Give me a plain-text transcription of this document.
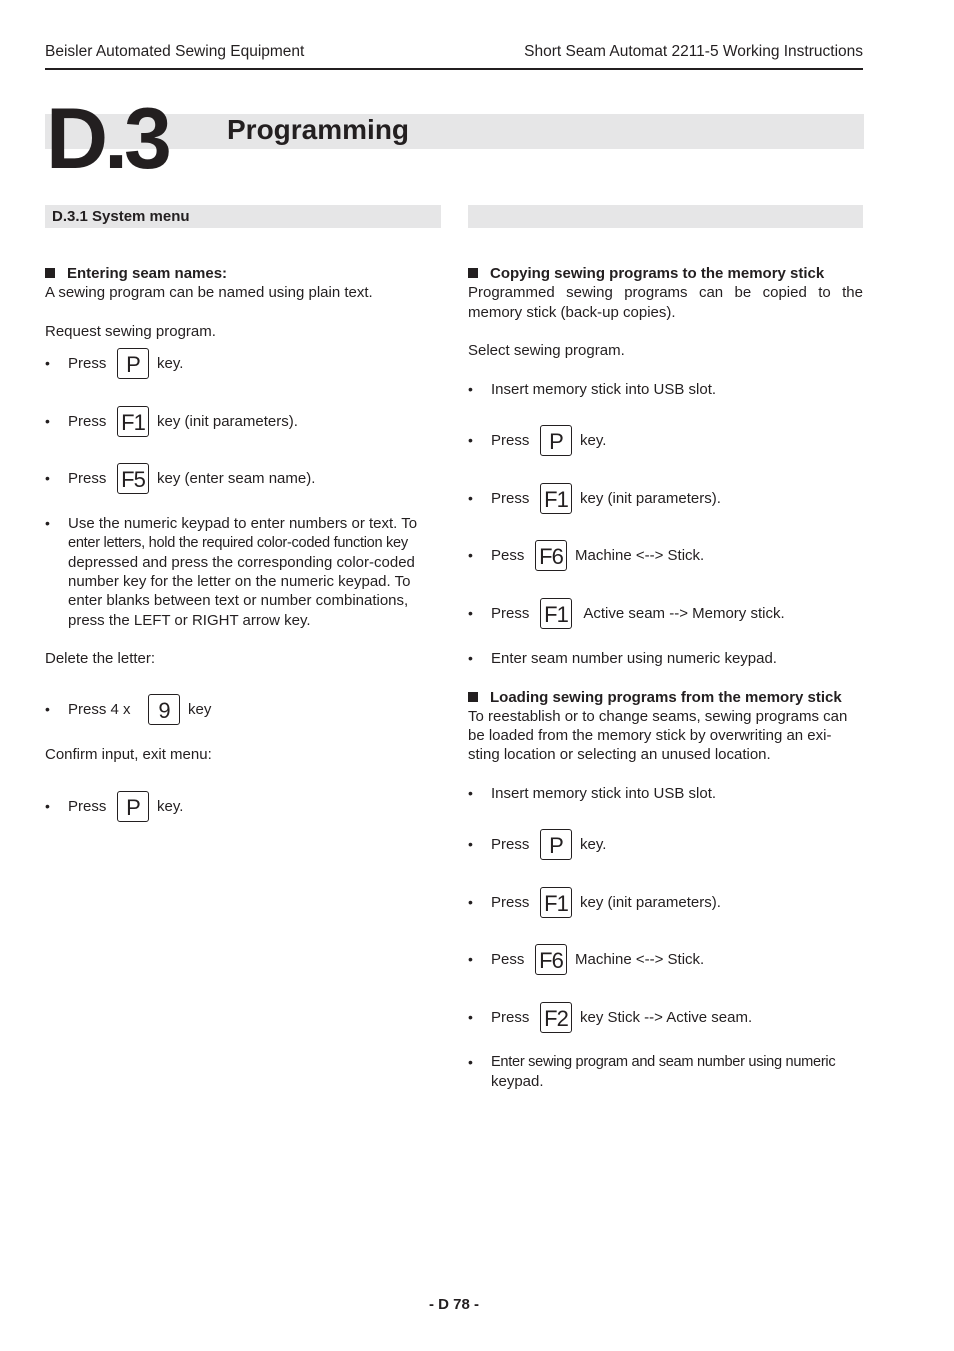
Beisler Automated Sewing Equipment	Short Seam Automat 2211-5 Working Instructions
D.3 Programming
D.3.1 System menu
Entering seam names:
A sewing program can be named using plain text.
Request sewing program.
• Press P	key.
• Press F1 key (init parameters).
• Press F5 key (enter seam name).
• Use the numeric keypad to enter numbers or text. To
enter letters, hold the required color-coded function key
depressed and press the corresponding color-coded
number key for the letter on the numeric keypad. To
enter blanks between text or number combinations,
press the LEFT or RIGHT arrow key.
Delete the letter:
• Press 4 x	9	key
Confirm input, exit menu:
• Press P	key.
Copying sewing programs to the memory stick
Programmed sewing programs can be copied to the
memory stick (back-up copies).
Select sewing program.
• Insert memory stick into USB slot.
• Press P	key.
• Press F1 key (init parameters).
• Pess F6 Machine <--> Stick.
• Press F1 Active seam --> Memory stick.
• Enter seam number using numeric keypad.
Loading sewing programs from the memory stick
To reestablish or to change seams, sewing programs can
be loaded from the memory stick by overwriting an exi-
sting location or selecting an unused location.
• Insert memory stick into USB slot.
• Press P	key.
• Press F1 key (init parameters).
• Pess F6 Machine <--> Stick.
• Press F2 key Stick --> Active seam.
• Enter sewing program and seam number using numeric
keypad.
- D 78 -
